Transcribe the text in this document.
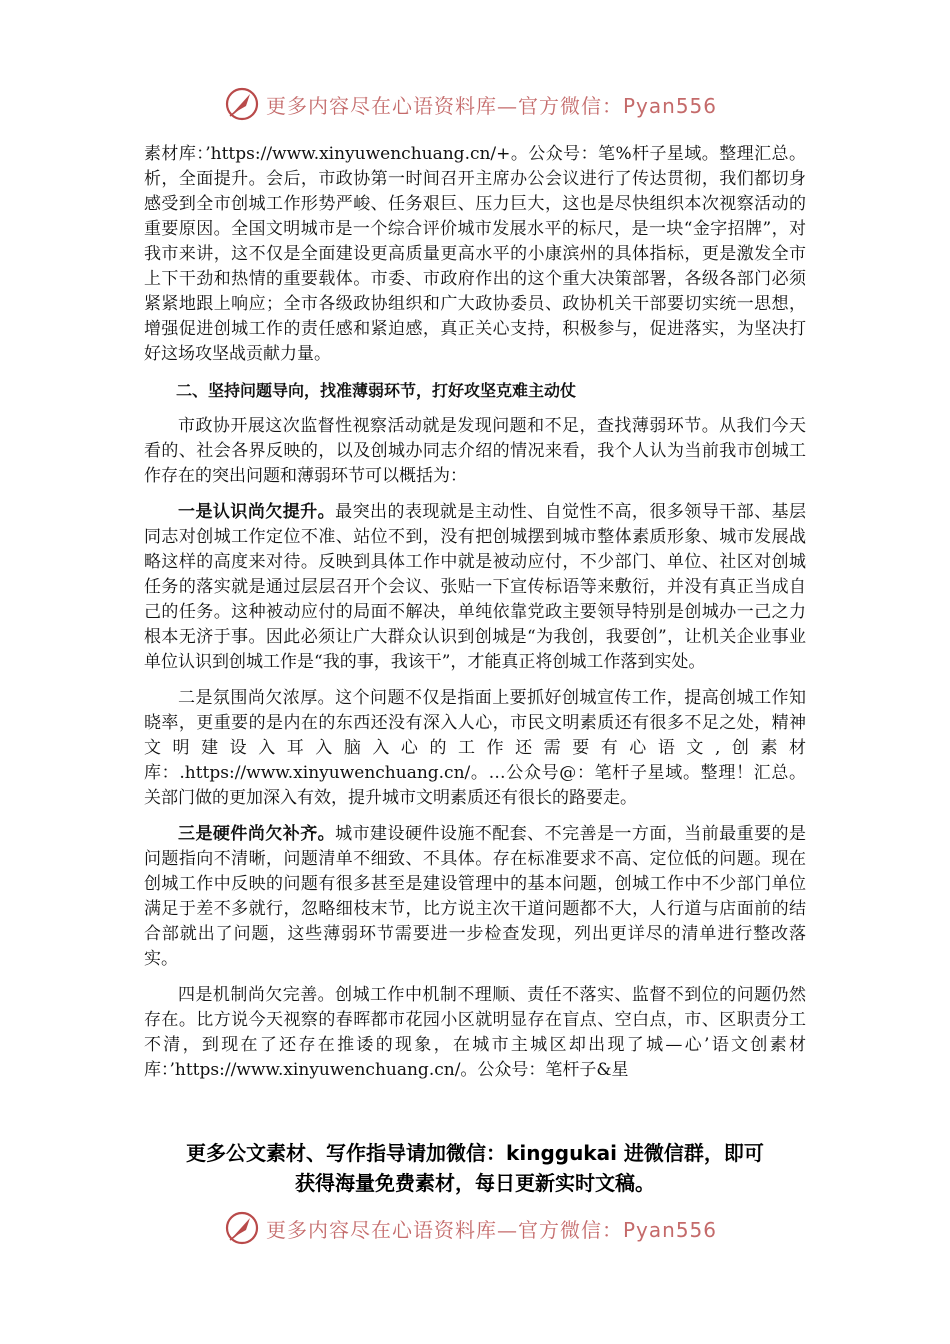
更多内容尽在心语资料库—官方微信：Pyan556

素材库：’https://www.xinyuwenchuang.cn/+。公众号：笔%杆子星域。整理汇总。析，全面提升。会后，市政协第一时间召开主席办公会议进行了传达贯彻，我们都切身感受到全市创城工作形势严峻、任务艰巨、压力巨大，这也是尽快组织本次视察活动的重要原因。全国文明城市是一个综合评价城市发展水平的标尺，是一块“金字招牌”，对我市来讲，这不仅是全面建设更高质量更高水平的小康滨州的具体指标，更是激发全市上下干劲和热情的重要载体。市委、市政府作出的这个重大决策部署，各级各部门必须紧紧地跟上响应；全市各级政协组织和广大政协委员、政协机关干部要切实统一思想，增强促进创城工作的责任感和紧迫感，真正关心支持，积极参与，促进落实，为坚决打好这场攻坚战贡献力量。

二、坚持问题导向，找准薄弱环节，打好攻坚克难主动仗

市政协开展这次监督性视察活动就是发现问题和不足，查找薄弱环节。从我们今天看的、社会各界反映的，以及创城办同志介绍的情况来看，我个人认为当前我市创城工作存在的突出问题和薄弱环节可以概括为：

一是认识尚欠提升。最突出的表现就是主动性、自觉性不高，很多领导干部、基层同志对创城工作定位不准、站位不到，没有把创城摆到城市整体素质形象、城市发展战略这样的高度来对待。反映到具体工作中就是被动应付，不少部门、单位、社区对创城任务的落实就是通过层层召开个会议、张贴一下宣传标语等来敷衍，并没有真正当成自己的任务。这种被动应付的局面不解决，单纯依靠党政主要领导特别是创城办一己之力根本无济于事。因此必须让广大群众认识到创城是“为我创，我要创”，让机关企业事业单位认识到创城工作是“我的事，我该干”，才能真正将创城工作落到实处。

二是氛围尚欠浓厚。这个问题不仅是指面上要抓好创城宣传工作，提高创城工作知晓率，更重要的是内在的东西还没有深入人心，市民文明素质还有很多不足之处，精神文明建设入耳入脑入心的工作还需要有心语文,创素材库：.https://www.xinyuwenchuang.cn/。…公众号@：笔杆子星域。整理！汇总。关部门做的更加深入有效，提升城市文明素质还有很长的路要走。

三是硬件尚欠补齐。城市建设硬件设施不配套、不完善是一方面，当前最重要的是问题指向不清晰，问题清单不细致、不具体。存在标准要求不高、定位低的问题。现在创城工作中反映的问题有很多甚至是建设管理中的基本问题，创城工作中不少部门单位满足于差不多就行，忽略细枝末节，比方说主次干道问题都不大，人行道与店面前的结合部就出了问题，这些薄弱环节需要进一步检查发现，列出更详尽的清单进行整改落实。

四是机制尚欠完善。创城工作中机制不理顺、责任不落实、监督不到位的问题仍然存在。比方说今天视察的春晖都市花园小区就明显存在盲点、空白点，市、区职责分工不清，到现在了还存在推诿的现象，在城市主城区却出现了城—心’语文创素材库：’https://www.xinyuwenchuang.cn/。公众号：笔杆子&星

更多公文素材、写作指导请加微信：kinggukai 进微信群，即可
获得海量免费素材，每日更新实时文稿。
更多内容尽在心语资料库—官方微信：Pyan556
